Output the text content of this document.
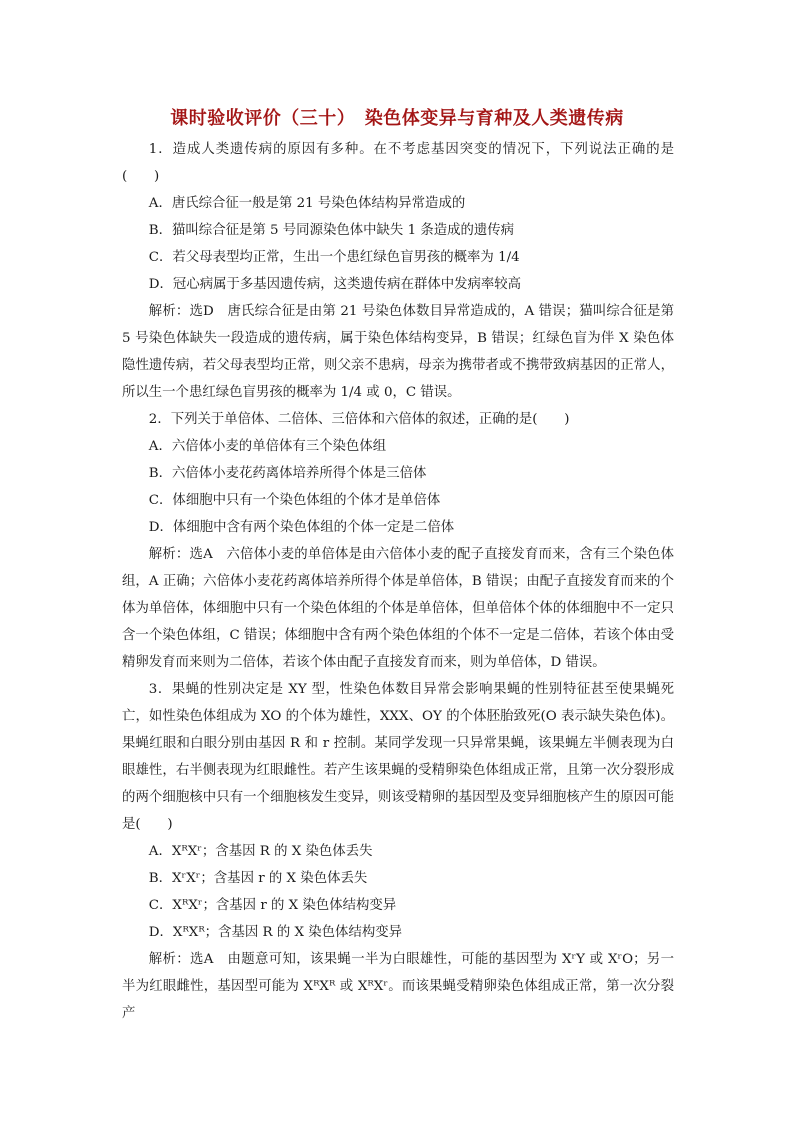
课时验收评价（三十）　染色体变异与育种及人类遗传病

1．造成人类遗传病的原因有多种。在不考虑基因突变的情况下，下列说法正确的是(　　)

A．唐氏综合征一般是第 21 号染色体结构异常造成的

B．猫叫综合征是第 5 号同源染色体中缺失 1 条造成的遗传病

C．若父母表型均正常，生出一个患红绿色盲男孩的概率为 1/4

D．冠心病属于多基因遗传病，这类遗传病在群体中发病率较高

解析：选D　唐氏综合征是由第 21 号染色体数目异常造成的，A 错误；猫叫综合征是第 5 号染色体缺失一段造成的遗传病，属于染色体结构变异，B 错误；红绿色盲为伴 X 染色体隐性遗传病，若父母表型均正常，则父亲不患病，母亲为携带者或不携带致病基因的正常人，所以生一个患红绿色盲男孩的概率为 1/4 或 0，C 错误。

2．下列关于单倍体、二倍体、三倍体和六倍体的叙述，正确的是(　　)

A．六倍体小麦的单倍体有三个染色体组

B．六倍体小麦花药离体培养所得个体是三倍体

C．体细胞中只有一个染色体组的个体才是单倍体

D．体细胞中含有两个染色体组的个体一定是二倍体

解析：选A　六倍体小麦的单倍体是由六倍体小麦的配子直接发育而来，含有三个染色体组，A 正确；六倍体小麦花药离体培养所得个体是单倍体，B 错误；由配子直接发育而来的个体为单倍体，体细胞中只有一个染色体组的个体是单倍体，但单倍体个体的体细胞中不一定只含一个染色体组，C 错误；体细胞中含有两个染色体组的个体不一定是二倍体，若该个体由受精卵发育而来则为二倍体，若该个体由配子直接发育而来，则为单倍体，D 错误。

3．果蝇的性别决定是 XY 型，性染色体数目异常会影响果蝇的性别特征甚至使果蝇死亡，如性染色体组成为 XO 的个体为雄性，XXX、OY 的个体胚胎致死(O 表示缺失染色体)。果蝇红眼和白眼分别由基因 R 和 r 控制。某同学发现一只异常果蝇，该果蝇左半侧表现为白眼雄性，右半侧表现为红眼雌性。若产生该果蝇的受精卵染色体组成正常，且第一次分裂形成的两个细胞核中只有一个细胞核发生变异，则该受精卵的基因型及变异细胞核产生的原因可能是(　　)

A．XᴿXʳ；含基因 R 的 X 染色体丢失

B．XʳXʳ；含基因 r 的 X 染色体丢失

C．XᴿXʳ；含基因 r 的 X 染色体结构变异

D．XᴿXᴿ；含基因 R 的 X 染色体结构变异

解析：选A　由题意可知，该果蝇一半为白眼雄性，可能的基因型为 XʳY 或 XʳO；另一半为红眼雌性，基因型可能为 XᴿXᴿ 或 XᴿXʳ。而该果蝇受精卵染色体组成正常，第一次分裂产
